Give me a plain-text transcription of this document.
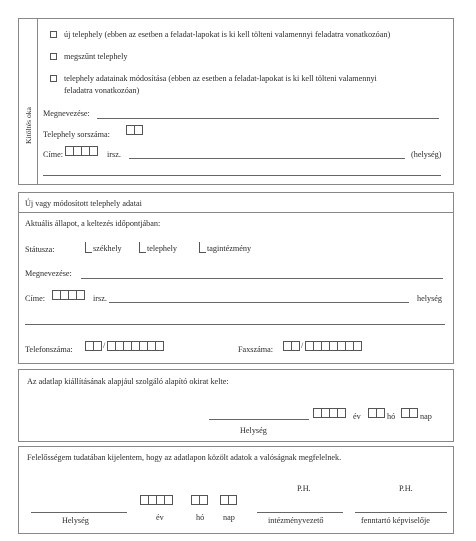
Kitöltés oka
új telephely (ebben az esetben a feladat-lapokat is ki kell tölteni valamennyi feladatra vonatkozóan)
megszűnt telephely
telephely adatainak módosítása (ebben az esetben a feladat-lapokat is ki kell tölteni valamennyi
feladatra vonatkozóan)
Megnevezése:
Telephely sorszáma:
Címe:	irsz.	(helység)
Új vagy módosított telephely adatai
Aktuális állapot, a keltezés időpontjában:
Státusza:	székhely	telephely	tagintézmény
Megnevezése:
Címe:	irsz.	helység
Telefonszáma:	/	Faxszáma:	/
Az adatlap kiállításának alapjául szolgáló alapító okirat kelte:
év	hó	nap
Helység
Felelősségem tudatában kijelentem, hogy az adatlapon közölt adatok a valóságnak megfelelnek.
P.H.	P.H.
Helység	év	hó nap	intézményvezető	fenntartó képviselője
